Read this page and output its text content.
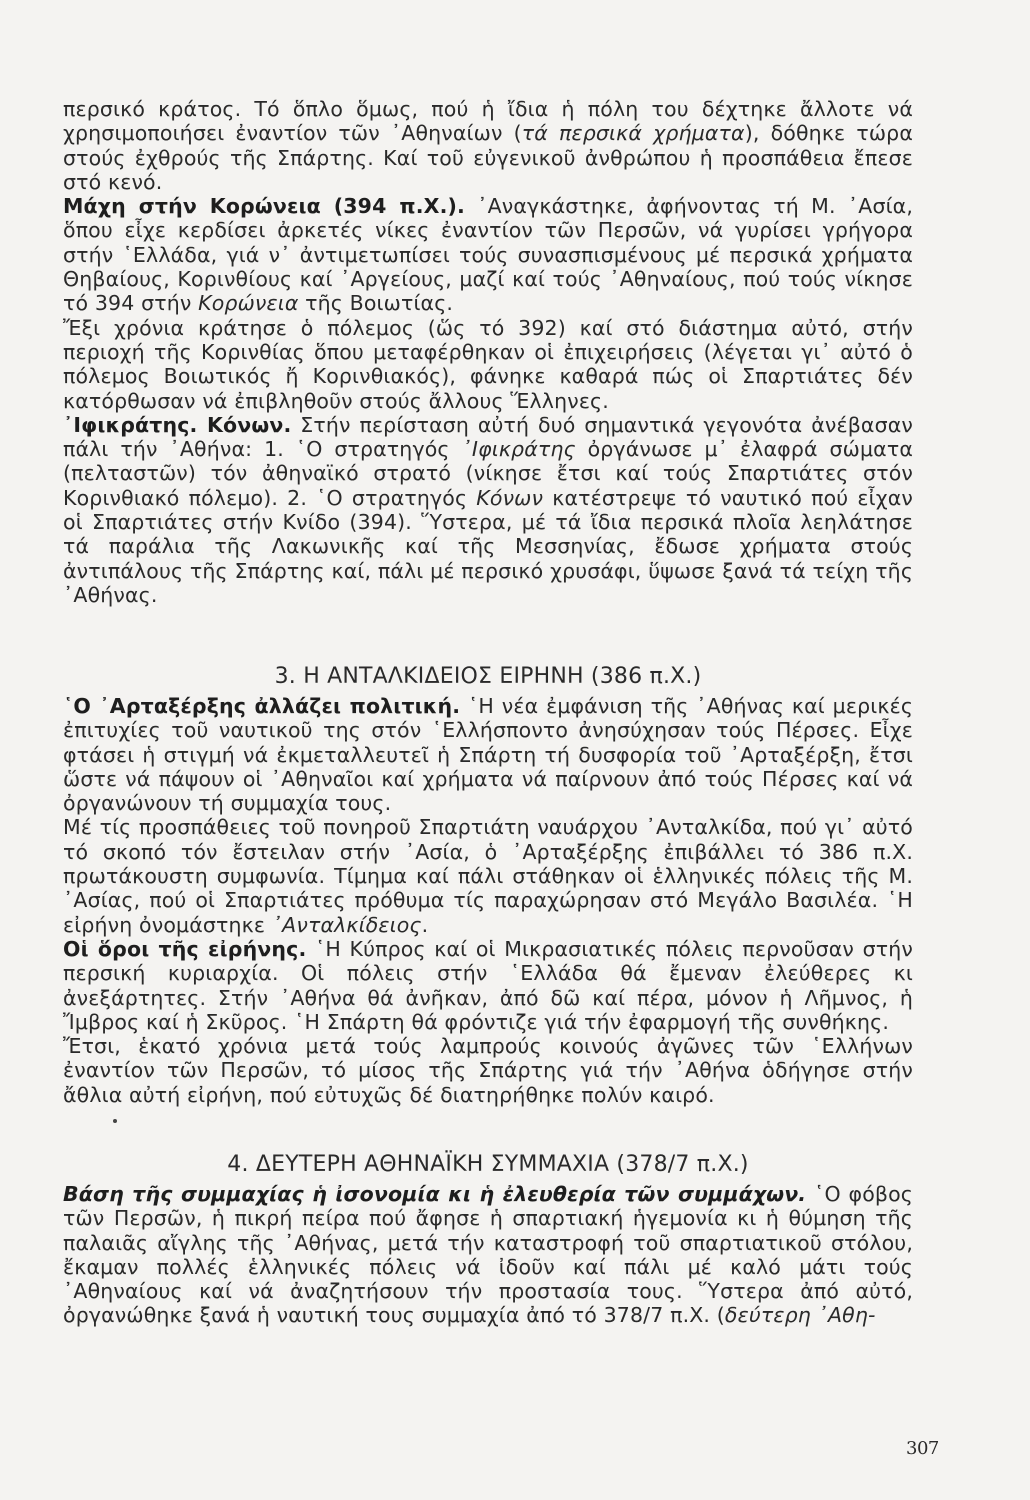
περσικό κράτος. Τό ὅπλο ὅμως, πού ἡ ἴδια ἡ πόλη του δέχτηκε ἄλλοτε νά χρησιμοποιήσει ἐναντίον τῶν ᾿Αθηναίων (τά περσικά χρήματα), δόθηκε τώρα στούς ἐχθρούς τῆς Σπάρτης. Καί τοῦ εὐγενικοῦ ἀνθρώπου ἡ προσπάθεια ἔπεσε στό κενό.

Μάχη στήν Κορώνεια (394 π.Χ.). ᾿Αναγκάστηκε, ἀφήνοντας τή Μ. ᾿Ασία, ὅπου εἶχε κερδίσει ἀρκετές νίκες ἐναντίον τῶν Περσῶν, νά γυρίσει γρήγορα στήν ῾Ελλάδα, γιά ν᾿ ἀντιμετωπίσει τούς συνασπισμένους μέ περσικά χρήματα Θηβαίους, Κορινθίους καί ᾿Αργείους, μαζί καί τούς ᾿Αθηναίους, πού τούς νίκησε τό 394 στήν Κορώνεια τῆς Βοιωτίας.

Ἔξι χρόνια κράτησε ὁ πόλεμος (ὥς τό 392) καί στό διάστημα αὐτό, στήν περιοχή τῆς Κορινθίας ὅπου μεταφέρθηκαν οἱ ἐπιχειρήσεις (λέγεται γι᾿ αὐτό ὁ πόλεμος Βοιωτικός ἤ Κορινθιακός), φάνηκε καθαρά πώς οἱ Σπαρτιάτες δέν κατόρθωσαν νά ἐπιβληθοῦν στούς ἄλλους Ἕλληνες.

᾿Ιφικράτης. Κόνων. Στήν περίσταση αὐτή δυό σημαντικά γεγονότα ἀνέβασαν πάλι τήν ᾿Αθήνα: 1. ῾Ο στρατηγός ᾿Ιφικράτης ὀργάνωσε μ᾿ ἐλαφρά σώματα (πελταστῶν) τόν ἀθηναϊκό στρατό (νίκησε ἔτσι καί τούς Σπαρτιάτες στόν Κορινθιακό πόλεμο). 2. ῾Ο στρατηγός Κόνων κατέστρεψε τό ναυτικό πού εἶχαν οἱ Σπαρτιάτες στήν Κνίδο (394). Ὕστερα, μέ τά ἴδια περσικά πλοῖα λεηλάτησε τά παράλια τῆς Λακωνικῆς καί τῆς Μεσσηνίας, ἔδωσε χρήματα στούς ἀντιπάλους τῆς Σπάρτης καί, πάλι μέ περσικό χρυσάφι, ὕψωσε ξανά τά τείχη τῆς ᾿Αθήνας.

3. Η ΑΝΤΑΛΚΙΔΕΙΟΣ ΕΙΡΗΝΗ (386 π.Χ.)

῾Ο ᾿Αρταξέρξης ἀλλάζει πολιτική. ῾Η νέα ἐμφάνιση τῆς ᾿Αθήνας καί μερικές ἐπιτυχίες τοῦ ναυτικοῦ της στόν ῾Ελλήσποντο ἀνησύχησαν τούς Πέρσες. Εἶχε φτάσει ἡ στιγμή νά ἐκμεταλλευτεῖ ἡ Σπάρτη τή δυσφορία τοῦ ᾿Αρταξέρξη, ἔτσι ὥστε νά πάψουν οἱ ᾿Αθηναῖοι καί χρήματα νά παίρνουν ἀπό τούς Πέρσες καί νά ὀργανώνουν τή συμμαχία τους.

Μέ τίς προσπάθειες τοῦ πονηροῦ Σπαρτιάτη ναυάρχου ᾿Ανταλκίδα, πού γι᾿ αὐτό τό σκοπό τόν ἔστειλαν στήν ᾿Ασία, ὁ ᾿Αρταξέρξης ἐπιβάλλει τό 386 π.Χ. πρωτάκουστη συμφωνία. Τίμημα καί πάλι στάθηκαν οἱ ἑλληνικές πόλεις τῆς Μ. ᾿Ασίας, πού οἱ Σπαρτιάτες πρόθυμα τίς παραχώρησαν στό Μεγάλο Βασιλέα. ῾Η εἰρήνη ὀνομάστηκε ᾿Ανταλκίδειος.

Οἱ ὅροι τῆς εἰρήνης. ῾Η Κύπρος καί οἱ Μικρασιατικές πόλεις περνοῦσαν στήν περσική κυριαρχία. Οἱ πόλεις στήν ῾Ελλάδα θά ἔμεναν ἐλεύθερες κι ἀνεξάρτητες. Στήν ᾿Αθήνα θά ἀνῆκαν, ἀπό δῶ καί πέρα, μόνον ἡ Λῆμνος, ἡ Ἴμβρος καί ἡ Σκῦρος. ῾Η Σπάρτη θά φρόντιζε γιά τήν ἐφαρμογή τῆς συνθήκης.

Ἔτσι, ἑκατό χρόνια μετά τούς λαμπρούς κοινούς ἀγῶνες τῶν ῾Ελλήνων ἐναντίον τῶν Περσῶν, τό μίσος τῆς Σπάρτης γιά τήν ᾿Αθήνα ὁδήγησε στήν ἄθλια αὐτή εἰρήνη, πού εὐτυχῶς δέ διατηρήθηκε πολύν καιρό.

4. ΔΕΥΤΕΡΗ ΑΘΗΝΑΪΚΗ ΣΥΜΜΑΧΙΑ (378/7 π.Χ.)

Βάση τῆς συμμαχίας ἡ ἰσονομία κι ἡ ἐλευθερία τῶν συμμάχων. ῾Ο φόβος τῶν Περσῶν, ἡ πικρή πείρα πού ἄφησε ἡ σπαρτιακή ἡγεμονία κι ἡ θύμηση τῆς παλαιᾶς αἴγλης τῆς ᾿Αθήνας, μετά τήν καταστροφή τοῦ σπαρτιατικοῦ στόλου, ἔκαμαν πολλές ἑλληνικές πόλεις νά ἰδοῦν καί πάλι μέ καλό μάτι τούς ᾿Αθηναίους καί νά ἀναζητήσουν τήν προστασία τους. Ὕστερα ἀπό αὐτό, ὀργανώθηκε ξανά ἡ ναυτική τους συμμαχία ἀπό τό 378/7 π.Χ. (δεύτερη ᾿Αθη-

307
